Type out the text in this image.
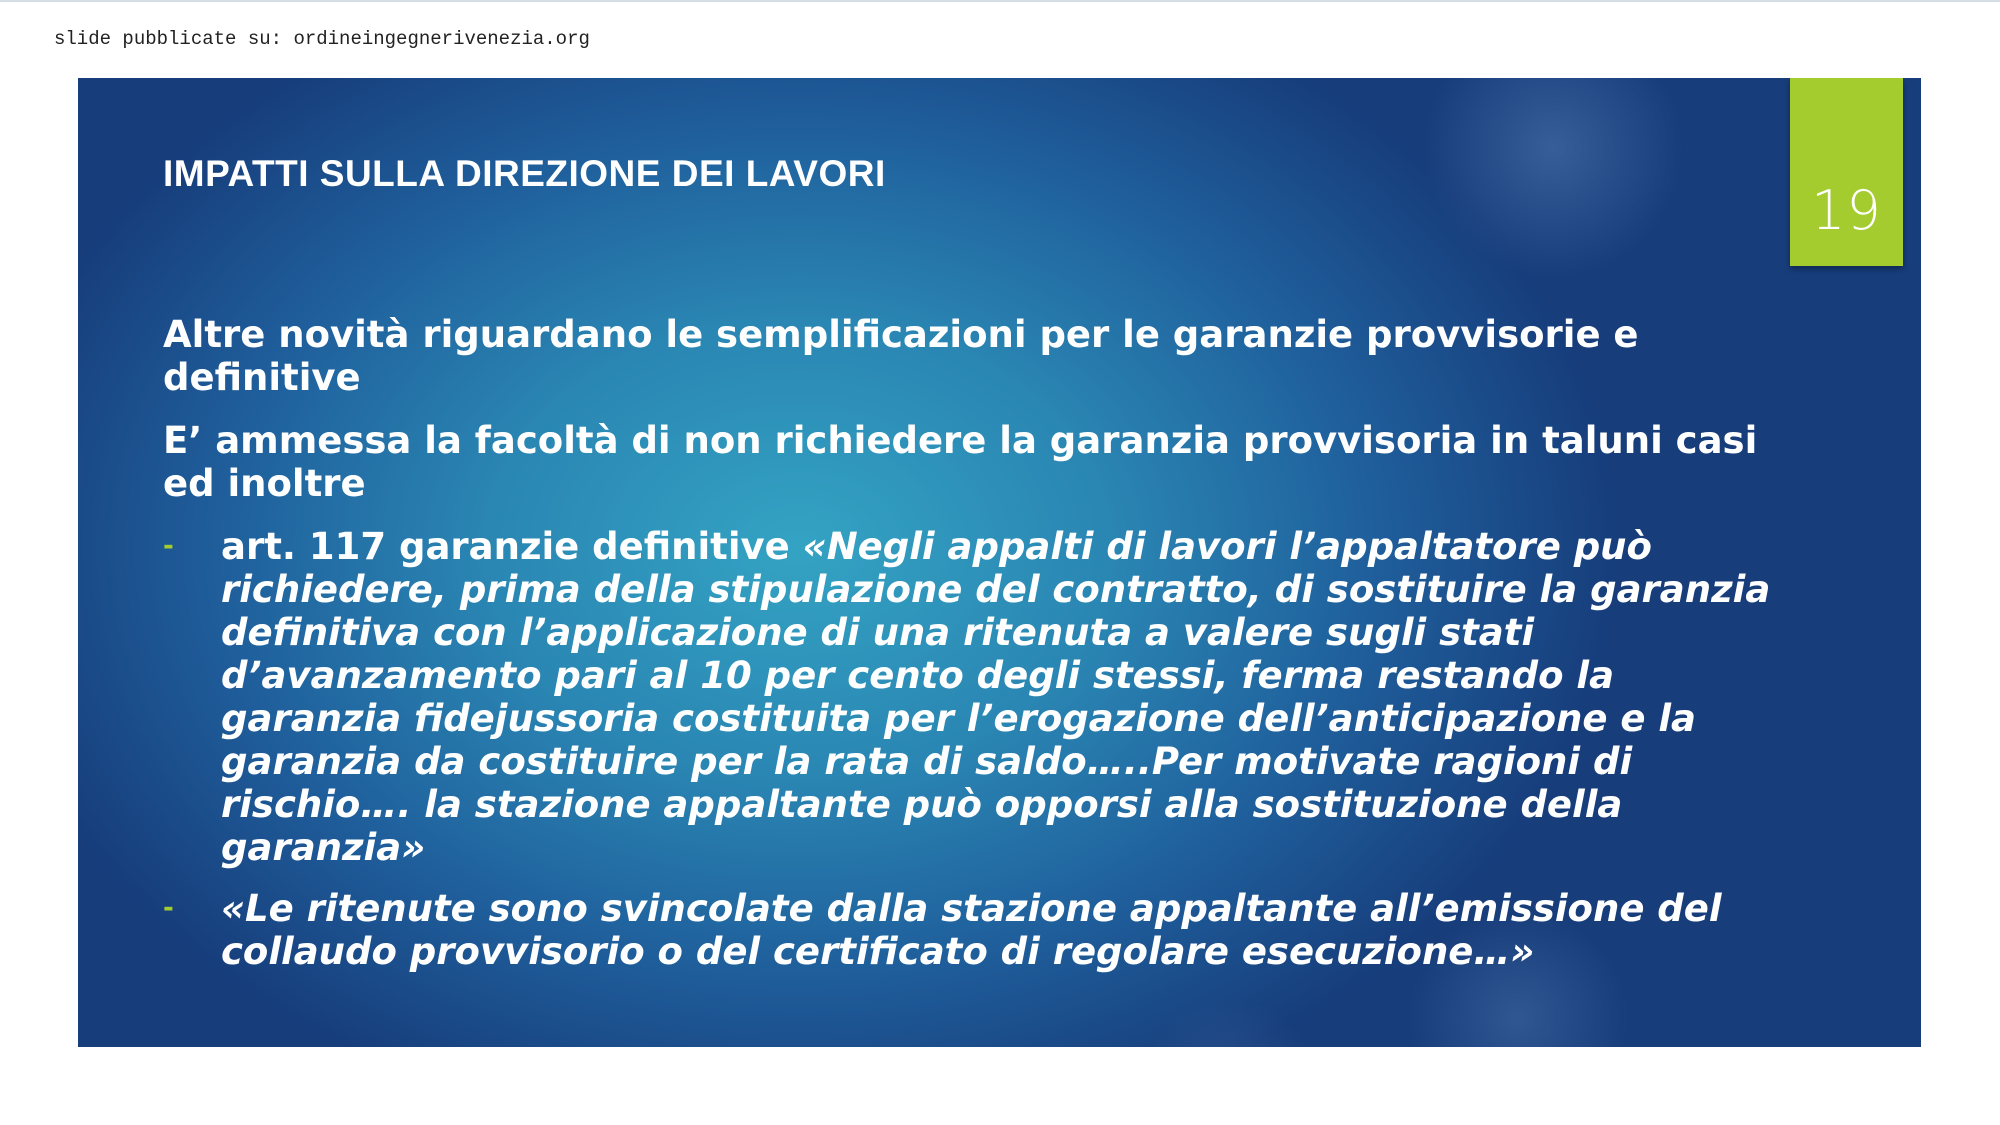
slide pubblicate su: ordineingegnerivenezia.org
19
IMPATTI SULLA DIREZIONE DEI LAVORI

Altre novità riguardano le semplificazioni per le garanzie provvisorie e definitive

E’ ammessa la facoltà di non richiedere la garanzia provvisoria in taluni casi ed inoltre

- art. 117 garanzie definitive «Negli appalti di lavori l’appaltatore può richiedere, prima della stipulazione del contratto, di sostituire la garanzia definitiva con l’applicazione di una ritenuta a valere sugli stati d’avanzamento pari al 10 per cento degli stessi, ferma restando la garanzia fidejussoria costituita per l’erogazione dell’anticipazione e la garanzia da costituire per la rata di saldo…..Per motivate ragioni di rischio…. la stazione appaltante può opporsi alla sostituzione della garanzia»
- «Le ritenute sono svincolate dalla stazione appaltante all’emissione del collaudo provvisorio o del certificato di regolare esecuzione…»
